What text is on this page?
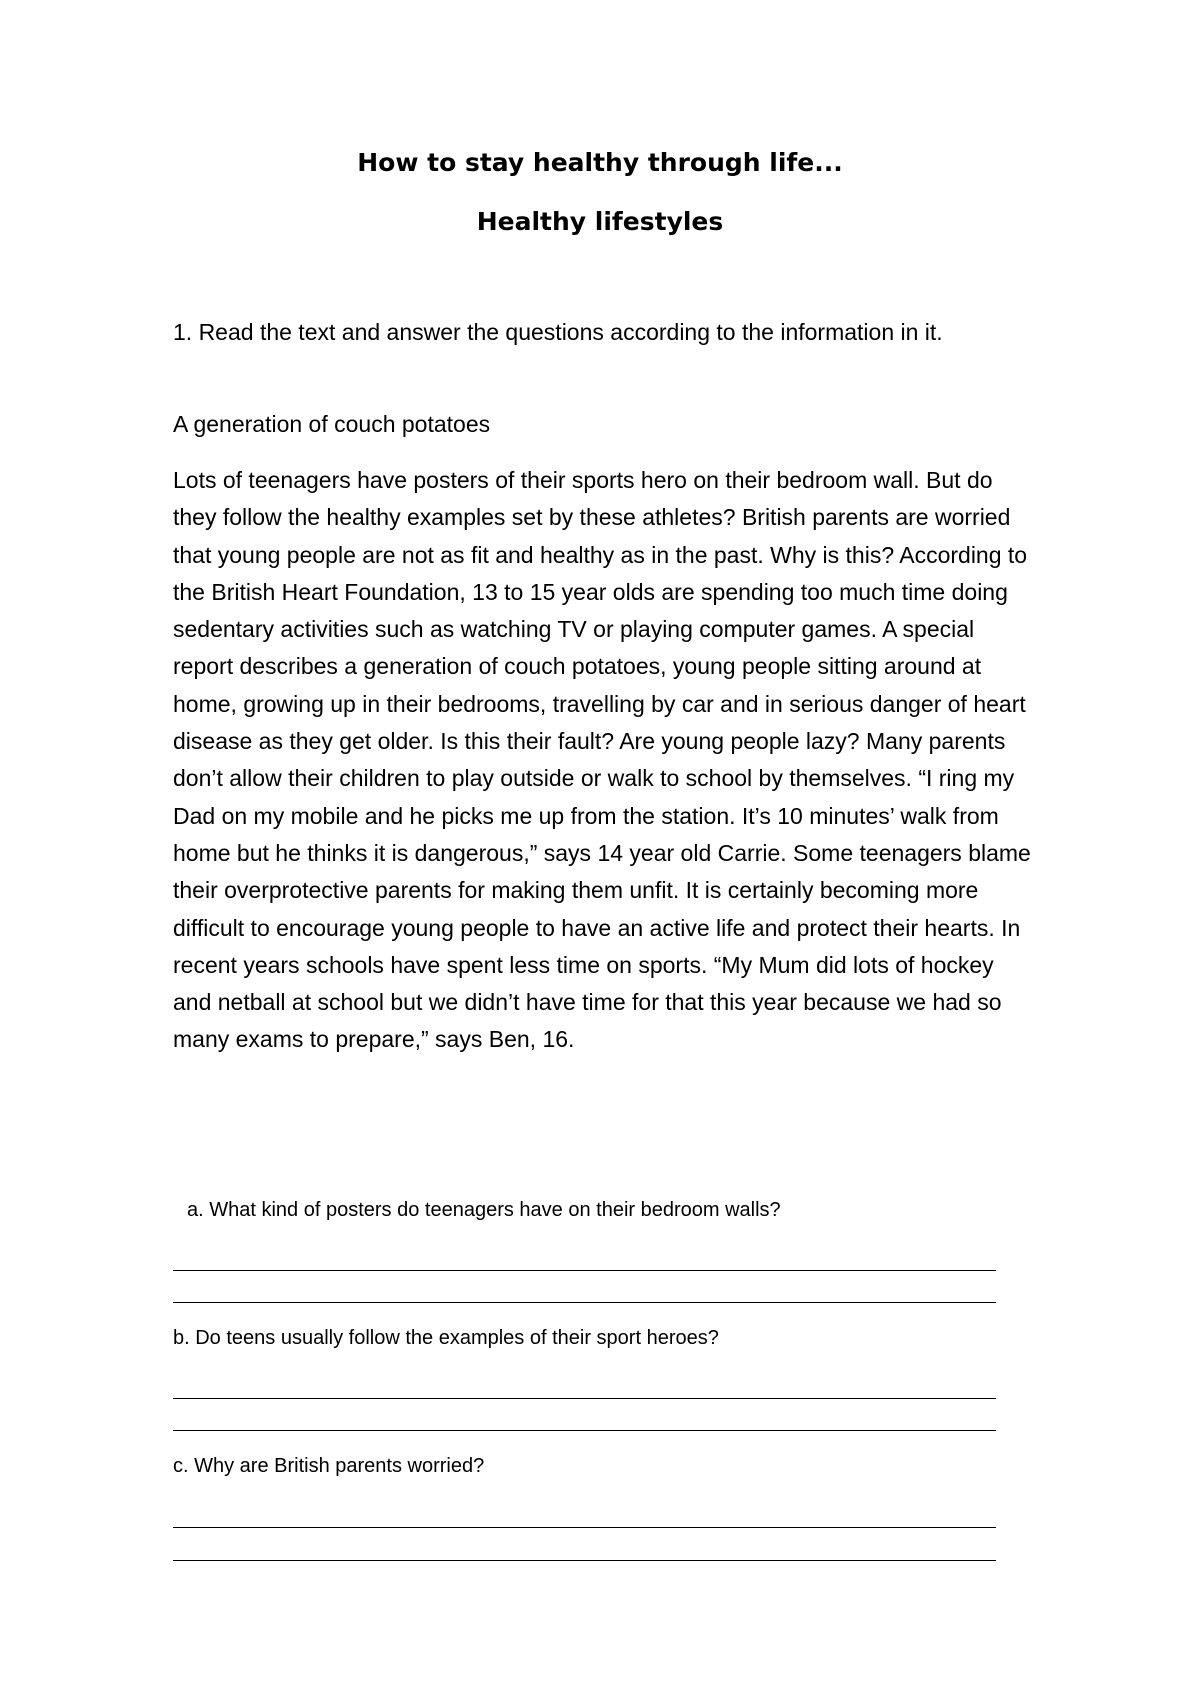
How to stay healthy through life...
Healthy lifestyles

1. Read the text and answer the questions according to the information in it.

A generation of couch potatoes

Lots of teenagers have posters of their sports hero on their bedroom wall. But do they follow the healthy examples set by these athletes? British parents are worried that young people are not as fit and healthy as in the past. Why is this? According to the British Heart Foundation, 13 to 15 year olds are spending too much time doing sedentary activities such as watching TV or playing computer games. A special report describes a generation of couch potatoes, young people sitting around at home, growing up in their bedrooms, travelling by car and in serious danger of heart disease as they get older. Is this their fault? Are young people lazy? Many parents don’t allow their children to play outside or walk to school by themselves. “I ring my Dad on my mobile and he picks me up from the station. It’s 10 minutes’ walk from home but he thinks it is dangerous,” says 14 year old Carrie. Some teenagers blame their overprotective parents for making them unfit. It is certainly becoming more difficult to encourage young people to have an active life and protect their hearts. In recent years schools have spent less time on sports. “My Mum did lots of hockey and netball at school but we didn’t have time for that this year because we had so many exams to prepare,” says Ben, 16.

a. What kind of posters do teenagers have on their bedroom walls?

b. Do teens usually follow the examples of their sport heroes?

c. Why are British parents worried?
